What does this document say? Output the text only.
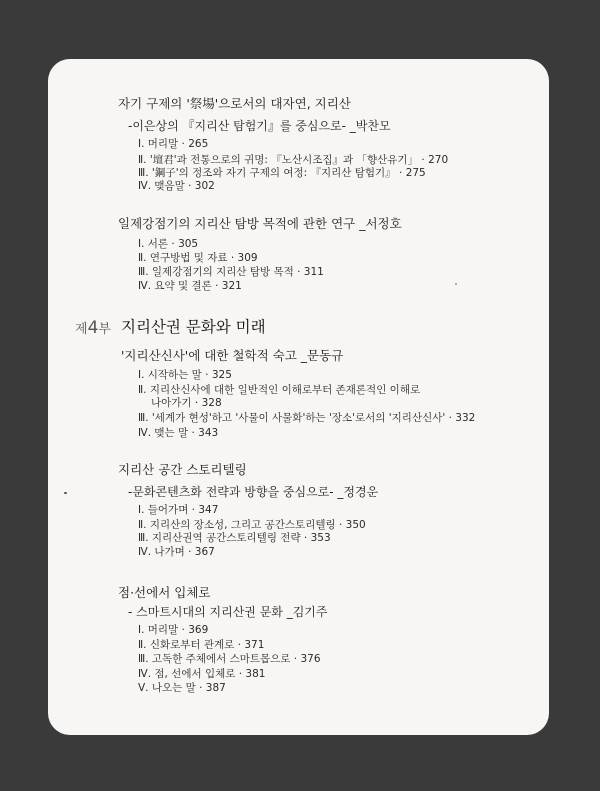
자기 구제의 '祭場'으로서의 대자연, 지리산
-이은상의 『지리산 탐험기』를 중심으로- _박찬모
Ⅰ. 머리말 · 265
Ⅱ. '壇君'과 전통으로의 귀명: 『노산시조집』과 「향산유기」 · 270
Ⅲ. '鋼子'의 정조와 자기 구제의 여정: 『지리산 탐험기』 · 275
Ⅳ. 맺음말 · 302
일제강점기의 지리산 탐방 목적에 관한 연구 _서정호
Ⅰ. 서론 · 305
Ⅱ. 연구방법 및 자료 · 309
Ⅲ. 일제강점기의 지리산 탐방 목적 · 311
Ⅳ. 요약 및 결론 · 321
제4부 지리산권 문화와 미래
'지리산신사'에 대한 철학적 숙고 _문동규
Ⅰ. 시작하는 말 · 325
Ⅱ. 지리산신사에 대한 일반적인 이해로부터 존재론적인 이해로
나아가기 · 328
Ⅲ. '세계가 현성'하고 '사물이 사물화'하는 '장소'로서의 '지리산신사' · 332
Ⅳ. 맺는 말 · 343
지리산 공간 스토리텔링
-문화콘텐츠화 전략과 방향을 중심으로- _정경운
Ⅰ. 들어가며 · 347
Ⅱ. 지리산의 장소성, 그리고 공간스토리텔링 · 350
Ⅲ. 지리산권역 공간스토리텔링 전략 · 353
Ⅳ. 나가며 · 367
점·선에서 입체로
- 스마트시대의 지리산권 문화 _김기주
Ⅰ. 머리말 · 369
Ⅱ. 신화로부터 관계로 · 371
Ⅲ. 고독한 주체에서 스마트몹으로 · 376
Ⅳ. 점, 선에서 입체로 · 381
Ⅴ. 나오는 말 · 387
